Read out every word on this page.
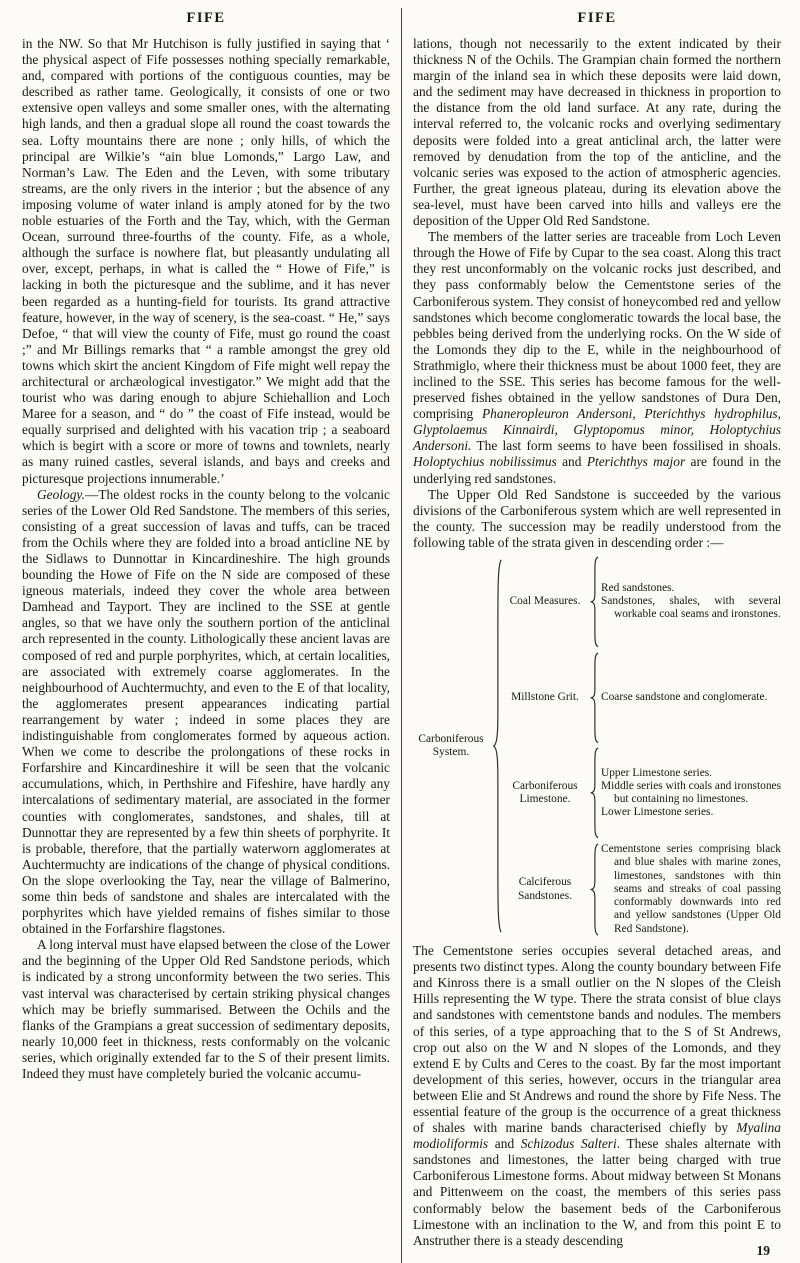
FIFE

in the NW. So that Mr Hutchison is fully justified in saying that ‘ the physical aspect of Fife possesses nothing specially remarkable, and, compared with portions of the contiguous counties, may be described as rather tame. Geologically, it consists of one or two extensive open valleys and some smaller ones, with the alternating high lands, and then a gradual slope all round the coast towards the sea. Lofty mountains there are none ; only hills, of which the principal are Wilkie’s “ain blue Lomonds,” Largo Law, and Norman’s Law. The Eden and the Leven, with some tributary streams, are the only rivers in the interior ; but the absence of any imposing volume of water inland is amply atoned for by the two noble estuaries of the Forth and the Tay, which, with the German Ocean, surround three-fourths of the county. Fife, as a whole, although the surface is nowhere flat, but pleasantly undulating all over, except, perhaps, in what is called the “ Howe of Fife,” is lacking in both the picturesque and the sublime, and it has never been regarded as a hunting-field for tourists. Its grand attractive feature, however, in the way of scenery, is the sea-coast. “ He,” says Defoe, “ that will view the county of Fife, must go round the coast ;” and Mr Billings remarks that “ a ramble amongst the grey old towns which skirt the ancient Kingdom of Fife might well repay the architectural or archæological investigator.” We might add that the tourist who was daring enough to abjure Schiehallion and Loch Maree for a season, and “ do ” the coast of Fife instead, would be equally surprised and delighted with his vacation trip ; a seaboard which is begirt with a score or more of towns and townlets, nearly as many ruined castles, several islands, and bays and creeks and picturesque projections innumerable.’

Geology.—The oldest rocks in the county belong to the volcanic series of the Lower Old Red Sandstone. The members of this series, consisting of a great succession of lavas and tuffs, can be traced from the Ochils where they are folded into a broad anticline NE by the Sidlaws to Dunnottar in Kincardineshire. The high grounds bounding the Howe of Fife on the N side are composed of these igneous materials, indeed they cover the whole area between Damhead and Tayport. They are inclined to the SSE at gentle angles, so that we have only the southern portion of the anticlinal arch represented in the county. Lithologically these ancient lavas are composed of red and purple porphyrites, which, at certain localities, are associated with extremely coarse agglomerates. In the neighbourhood of Auchtermuchty, and even to the E of that locality, the agglomerates present appearances indicating partial rearrangement by water ; indeed in some places they are indistinguishable from conglomerates formed by aqueous action. When we come to describe the prolongations of these rocks in Forfarshire and Kincardineshire it will be seen that the volcanic accumulations, which, in Perthshire and Fifeshire, have hardly any intercalations of sedimentary material, are associated in the former counties with conglomerates, sandstones, and shales, till at Dunnottar they are represented by a few thin sheets of porphyrite. It is probable, therefore, that the partially waterworn agglomerates at Auchtermuchty are indications of the change of physical conditions. On the slope overlooking the Tay, near the village of Balmerino, some thin beds of sandstone and shales are intercalated with the porphyrites which have yielded remains of fishes similar to those obtained in the Forfarshire flagstones.

A long interval must have elapsed between the close of the Lower and the beginning of the Upper Old Red Sandstone periods, which is indicated by a strong unconformity between the two series. This vast interval was characterised by certain striking physical changes which may be briefly summarised. Between the Ochils and the flanks of the Grampians a great succession of sedimentary deposits, nearly 10,000 feet in thickness, rests conformably on the volcanic series, which originally extended far to the S of their present limits. Indeed they must have completely buried the volcanic accumu-

FIFE

lations, though not necessarily to the extent indicated by their thickness N of the Ochils. The Grampian chain formed the northern margin of the inland sea in which these deposits were laid down, and the sediment may have decreased in thickness in proportion to the distance from the old land surface. At any rate, during the interval referred to, the volcanic rocks and overlying sedimentary deposits were folded into a great anticlinal arch, the latter were removed by denudation from the top of the anticline, and the volcanic series was exposed to the action of atmospheric agencies. Further, the great igneous plateau, during its elevation above the sea-level, must have been carved into hills and valleys ere the deposition of the Upper Old Red Sandstone.

The members of the latter series are traceable from Loch Leven through the Howe of Fife by Cupar to the sea coast. Along this tract they rest unconformably on the volcanic rocks just described, and they pass conformably below the Cementstone series of the Carboniferous system. They consist of honeycombed red and yellow sandstones which become conglomeratic towards the local base, the pebbles being derived from the underlying rocks. On the W side of the Lomonds they dip to the E, while in the neighbourhood of Strathmiglo, where their thickness must be about 1000 feet, they are inclined to the SSE. This series has become famous for the well-preserved fishes obtained in the yellow sandstones of Dura Den, comprising Phaneropleuron Andersoni, Pterichthys hydrophilus, Glyptolaemus Kinnairdi, Glyptopomus minor, Holoptychius Andersoni. The last form seems to have been fossilised in shoals. Holoptychius nobilissimus and Pterichthys major are found in the underlying red sandstones.

The Upper Old Red Sandstone is succeeded by the various divisions of the Carboniferous system which are well represented in the county. The succession may be readily understood from the following table of the strata given in descending order :—

Carboniferous System.
Coal Measures.
Red sandstones.
Sandstones, shales, with several workable coal seams and ironstones.
Millstone Grit.	Coarse sandstone and conglomerate.
Carboniferous Limestone.
Upper Limestone series.
Middle series with coals and ironstones but containing no limestones.
Lower Limestone series.
Calciferous Sandstones.
Cementstone series comprising black and blue shales with marine zones, limestones, sandstones with thin seams and streaks of coal passing conformably downwards into red and yellow sandstones (Upper Old Red Sandstone).

The Cementstone series occupies several detached areas, and presents two distinct types. Along the county boundary between Fife and Kinross there is a small outlier on the N slopes of the Cleish Hills representing the W type. There the strata consist of blue clays and sandstones with cementstone bands and nodules. The members of this series, of a type approaching that to the S of St Andrews, crop out also on the W and N slopes of the Lomonds, and they extend E by Cults and Ceres to the coast. By far the most important development of this series, however, occurs in the triangular area between Elie and St Andrews and round the shore by Fife Ness. The essential feature of the group is the occurrence of a great thickness of shales with marine bands characterised chiefly by Myalina modioliformis and Schizodus Salteri. These shales alternate with sandstones and limestones, the latter being charged with true Carboniferous Limestone forms. About midway between St Monans and Pittenweem on the coast, the members of this series pass conformably below the basement beds of the Carboniferous Limestone with an inclination to the W, and from this point E to Anstruther there is a steady descending

19
